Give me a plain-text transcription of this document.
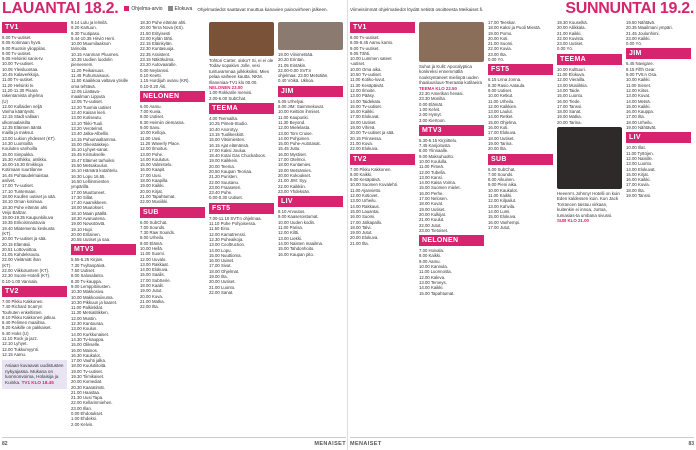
LAUANTAI 18.2.	Ohjelma-arvio	Elokuva Ohjelmatiedot saattavat muuttua kanavien painovirheen jälkeen.
TV1
8.00 Tv-uutiset.
8.05 Kotimaan hyvä.
9.00 Ruotsin ylioppilas.
9.00 Tv-uutiset.
9.05 Helsinki sanis-tv.
10.00 Tv-uutiset.
10.05 Yleisluontaa.
10.45 Kalaverkkoja.
11.00 Tv-uutiset.
11.20 Helsinki tv.
11.20-11.30 Pisara
rakentamista ohjelma
(U)
12.00 Kullaiden neljä
Vanha kääntyvät.
12.15 Stadt vallaan
ulkomaalaisilta
12.35 Eläinten ääntä
mailla ja maksut.
13.00 Lukion yhdesset (KT).
14.30 Luontoilta
Kouluten vanhoilla
15.00 Simpukka.
15.30 Anthikku, antikku.
16.00-16.30 Ilmikkoja
Kotimaan suurtilanne
16.45 Puhtaudelmaistaa
asilvet.
17.00 Tv-uutiset.
17.10 Tuntemaan.
18.00 Kuullen uutiset ja sää.
18.10 Oman kotimaa.
18.30 Puhe elämän ahti
Veijo Baltzar.
19.00-19.35 Kaupunkikuva
19.35 Erikoismaistuvia
19.40 Mlatementu keskusta
(KT).
20.00 Tv-uutiset ja sää.
20.15 Elämäsii.
20.51 Lottovoittoa.
21.05 Kahdeksoutu.
22.00 Vielämiät ihan
(KT).
22.00 Viikkotuntem (KT).
22.30 Suomi-Hotelli (KT).
0.10-1.00 Vannala.
TV2
7.00 Pikku Kakkonen.
7.40 Richard Scarryn
Touhuten enkeltisten.
8.10 Pikku Kakkonen jatkuu.
8.40 Pelimen maailma.
9.20 Kaikille on pakkaiset.
9.40 Hoks (U)
11.10 Rock ja jazz.
12.10 Lyhyet.
12.00 Tukkumyynti.
12.15 Aamu.
Asiaan kuvaavat uudistusten nykyajassa. Mukana on luonnonvoima, Holaisija ja Kuinka. TV1 KLO 18.45
9.14 Lulu ja lelmilä.
9.20 Kartuun.
9.30 Tuutipasu.
9.44-10.35 Hirviö Herri.
10.00 Muumilaakson
tarinoita.
10.15 Aranman Pluumes.
10.35 Uudien luodolin
pieneenem.
11.20 Peikaisuus.
11.45 Puhumaisuus.
11.50 Kaaikkoa valtava ytisille
oma tehtävä.
12.05 Liiattava-
maailman Lipputa
12.05 Tv-uutiset.
12.20 Tuomia uutiset
12.40 Kaisan kieli.
13.00 Kotiseutu.
13.10 Tikki-Tuuli.
13.20 Verotelmit.
13.40 Jalka-Albellin.
14.15 Puhumaaltamma.
15.00 Oikeistakkejo.
15.10 Lyhyet-sanat.
15.45 Kristukselle.
15.47 Eläimet tarhoiksi
15.50 Metsakoulun.
16.10 Hämärä kotahtelu.
16.30 Lopu 16.55.
16.50 Lelliinmiesten
ympärillä.
17.00 Muuttuneet.
17.30 Sillat.
17.40 Aaamikkeen.
18.00 Muutokset.
18.10 Maan päällä.
18.30 Avaruutena.
19.00 Nowotöivtä.
19.10 Hupi.
20.00 Erilainen.
20.55 Uutiset ja saa.
MTV3
5.55-6.25 Kirjain.
7.30 Tvyltaspäivä.
7.50 Uutiset.
8.00 Salosalanto.
8.30 Tv-kauppa.
9.00 Lemppitiirusten.
10.30 Makkosivu.
10.00 Makkoosiivuma.
10.30 Pikkuun ja kaaret.
11.00 Palkinkilat.
11.30 Metsatitikken.
12.00 Mustin.
12.30 Kantouraa.
13.00 Koulun.
14.00 Kurkkunaiset.
14.30 Tv-kauppa.
15.00 Olikselle.
16.00 Mainos.
16.30 Kaukalot.
17.00 Vauhti jalka.
18.00 Kuulutiitoitä.
19.00 Tv-uutiset.
19.30 Tiimikaiset.
20.00 Komediat.
20.30 Kaaratimät.
21.00 Haastaa.
21.30 Uusi Tapa.
22.00 Kellarinmiehen.
23.00 Illan.
0.00 Ehdotukset.
1.00 Ehdeksi.
2.00 Kelvin.
18.30 Puhe elämän ahti.
20.00 Terra Nova (KS).
21.50 Erityisesti
22.00 Kylän tähti.
22.15 Eläinkylän.
22.30 Kuntasuoja.
22.35 Assistent.
23.15 Näkökulma.
23.20 Autovaaralle.
0.00 Neylanssi.
0.10 Keetti.
1.15 Hurdijuh ovanu (KR).
0.10-0.20 Äiti.
NELONEN
6.00 Aamu.
7.00 Kuvia.
8.00 Uutiset.
8.30 Heimiin olemassa.
9.00 Savu.
10.00 Kelloja.
11.00 Uusi.
11.25 Waverly Place.
12.00 Ilmoitus.
13.00 Puhe.
14.00 Koulutus.
15.00 Valmistelu.
16.00 Kaapit.
17.00 Uusi.
18.00 Kaapilla.
19.00 Kaikki.
20.00 Kirjat.
21.00 Tapahtumat.
22.00 Musiikki.
SUB
6.00 SubChat.
7.00 Sounds.
7.30 Raw Sounds.
8.00 Urheilu.
9.00 Elämä.
10.00 Hellä.
11.00 Suomi.
12.00 Uuvalo.
13.00 Rakkaat.
14.00 Elokuva.
15.00 Saalis.
17.00 SubSerie.
18.00 Kaalit.
19.00 Jutut.
20.00 Kuva.
21.00 Matka.
22.00 Ilta.
Tohtori Carter, oisko? Si, ei ei ole Todav sopakivn Jolle, vesi tuntuvammaa julkkiksiksi. Mies pelaa vaiheen kautta. NKM. Illaneniaa-TV1 klo 00.00. NELONEN 23.00
1.00 Rokkarile mervisi.
2.00-6.00 SubChat.
TEEMA
4.00 Teemailta.
10.25 Pimeä-Studio.
10.40 Anorotyy.
13.15 Tuolikeskiöt.
15.00 Vitsimiesten.
16.15 Ajat elämänsä.
17.00 Kaksi Joulua.
18.40 Kotai Gas Chuckaboos.
19.00 Kaikkein.
20.00 Teema.
20.50 Kaupan Teoriaa.
21.20 Puristen.
22.00 Suusanu.
23.00 Fraaseteri.
23.40 Puhe.
0.00-0.30 Uutiset.
FST5
7.00-11.10 SVT:n ohjelmaa.
11.10 Puhe Pohjoisessa.
11.50 Eino.
12.00 Kamatrenssi.
12.30 Puheaikoja.
13.00 Cooltruction.
14.00 Lopu.
15.00 Nuuttioma.
16.00 Uuiset.
17.00 Sivut.
18.00 Ohjelmat.
19.00 Ilta.
20.00 Uutiset.
21.00 Luonto.
22.00 Sanat.
19.00 Viinimetsää.
20.20 Erintan.
21.05 Eintäkin.
22.00-0.00 SVT:n
ohjelmaa: 23.00 Metsälän.
0.40 Vöikä. Ukkoa.
JIM
6.05 Urhelyai.
8.00 JIM: Saimmekuvat.
10.00 Keittiön ihmiset.
11.00 Kaupunki.
11.30 Beyond.
12.00 Mielelasta.
13.00 Tom Cruise.
14.00 Pohjoinen.
15.00 Puhe-Autotasat.
15.45 Juttu.
16.00 Mystiset.
17.00 Otelmoi.
18.00 Kuntamies.
19.00 Metsämies.
20.00 Kokoukset.
21.00 JIM: Syy.
22.00 Kaikkiin.
23.00 Yhdeksän.
LIV
8.10 Arvuutus.
9.00 Kaaseroistumat.
10.00 Uuden kodin.
11.00 Parisa.
12.00 Kiltti.
13.00 Liekki.
14.00 Naisten maailma.
15.00 Tahdonhoito.
16.00 Kaupan pito.
82	MENAISET
Viimeisimmät ohjelmatiedot löydät netistä osoitteesta Meikaiset.fi.	SUNNUNTAI 19.2.
TV1
8.00 Tv-uutiset.
8.05-8.45 Aamu kanto.
9.00 Tv-uutiset.
9.05 Tähti.
10.00 Lummen sateet
-uutiset.
10.00 Oma aika.
10.50 Tv-uutiset.
11.00 Kotiko-luvut.
11.30 Kesäpäivät.
12.00 Ilmoite.
13.00 Pääsy.
14.00 Taidekatu.
15.00 Tv-uutiset.
16.00 Kaikki.
17.00 Elokuvat.
18.00 Uutiset.
19.00 Vihreä.
20.00 Tv-uutiset ja sää.
20.15 Prinsessa.
21.00 Kuva.
22.00 Elokuva.
TV2
7.00 Pikku Kakkonen.
8.00 Kaikki.
9.00 Kesäpäivä.
10.00 Suomen Kuvalehti.
11.00 Ajanvietto.
12.00 Kotiovet.
13.00 Urheilu.
14.00 Rakkaus.
15.00 Lauantai.
16.00 Suomi.
17.00 Jalkapallo.
18.00 Talvi.
19.00 Jutut.
20.00 Elokuva.
21.00 Ilta.
Suhut ja Kulit: Apocalyptica konkreksi ennemmällä nouksyntaneet mielinpä uuden Ihaaluusluus-Teeraatia kotilaeira TEEMA KLO 22.50
22.30 Amerikan hevasi.
23.30 Monilta.
0.00 Elämät.
1.00 Kelvit.
2.00 Hymyt.
3.00 Kiertoon.
MTV3
5.30-6.15 Kirjoittelu.
7.45 Kanjoitusta.
8.00 Ylinnaalle.
9.00 Maksuhuolto.
10.00 Koululla.
11.00 Pimeä.
12.00 Tubella.
13.00 Kansi.
14.00 Kaisa Voima.
15.00 Suomen mielet.
16.00 Perhe.
17.00 Nelosen.
18.00 Kuvat.
19.00 Uutiset.
20.00 Kulkijat.
21.00 Kuulut.
22.00 Jutut.
23.00 Tietoiset.
NELONEN
7.00 Hoivala.
8.00 Kaikki.
9.00 Aamu.
10.00 Kannula.
11.00 Luonnosta.
12.00 Kaleva.
13.00 Terveys.
14.00 Kaikki.
15.00 Tapahtumat.
17.00 Teeskar.
18.00 Kaksi ja Puoli Miestä.
19.00 Pomo.
20.00 Koti.
21.00 Suomi.
22.00 Kuvia.
23.00 Ilta.
0.00 Yö.
FST5
6.15 Lnna Jonna.
8.30 Rasio Aataula.
9.00 Uutiset.
10.00 Ketkut.
11.00 Urheilu.
12.00 Kaikkien.
13.00 Laulut.
14.00 Retket.
15.00 Ohjelma.
16.00 Koti.
17.00 Elokuva.
18.00 Uutiset.
19.00 Tarina.
20.00 Ilta.
SUB
6.00 SubChat.
7.00 Sounds.
8.00 Aikuinen.
9.00 Pieni aika.
10.00 Kaukalot.
11.00 Kaikki.
12.00 Kilpailut.
13.00 Kahvila.
14.00 Lumi.
15.00 Elokuva.
16.00 Vanhempi.
17.00 Jutut.
19.30 Kuuselkä.
20.00 Ailikkala.
21.00 Kaikki.
22.00 Kuvista.
23.00 Uutiset.
0.00 Yö.
TEEMA
10.00 Kulttuuri.
11.00 Elokuva.
12.00 Vierailla.
13.00 Musiikkia.
14.00 Taide.
15.00 Luonto.
16.00 Tiede.
17.00 Tanssi.
18.00 Sanat.
19.00 Matka.
20.00 Tarina.
Heeere's Johnny! Hotelli on kuin Eden kaldessen kuin. Kun Jack Torrancen taistuu virkaan, kuitenkin ei innoa, Jurtoa, tumasias-ta umbana sivussi. SUB KLO 21.00
19.50 Nähtävä.
20.35 Maailmani ympäri.
21.45 Joulunhimi.
23.00 Kaikki.
0.00 Yö.
JIM
6.45 Navigare.
8.15 Fifth Gear.
9.00 TV5:n Osa.
10.00 Kaikki.
11.00 Sienet.
12.00 Kiitos.
13.00 Kuvat.
14.00 Metsä.
15.00 Kaikki.
16.00 Kauppa.
17.00 Ilta.
18.00 Urheilu.
19.00 Nähtävät.
LIV
10.00 Illat.
11.00 Tyttöjen.
12.00 Naisille.
13.00 Luonto.
14.00 Elokuvat.
15.00 Kirjat.
16.00 Kaikki.
17.00 Kuvia.
18.00 Ilta.
19.00 Tanssi.
MENAISET	83
